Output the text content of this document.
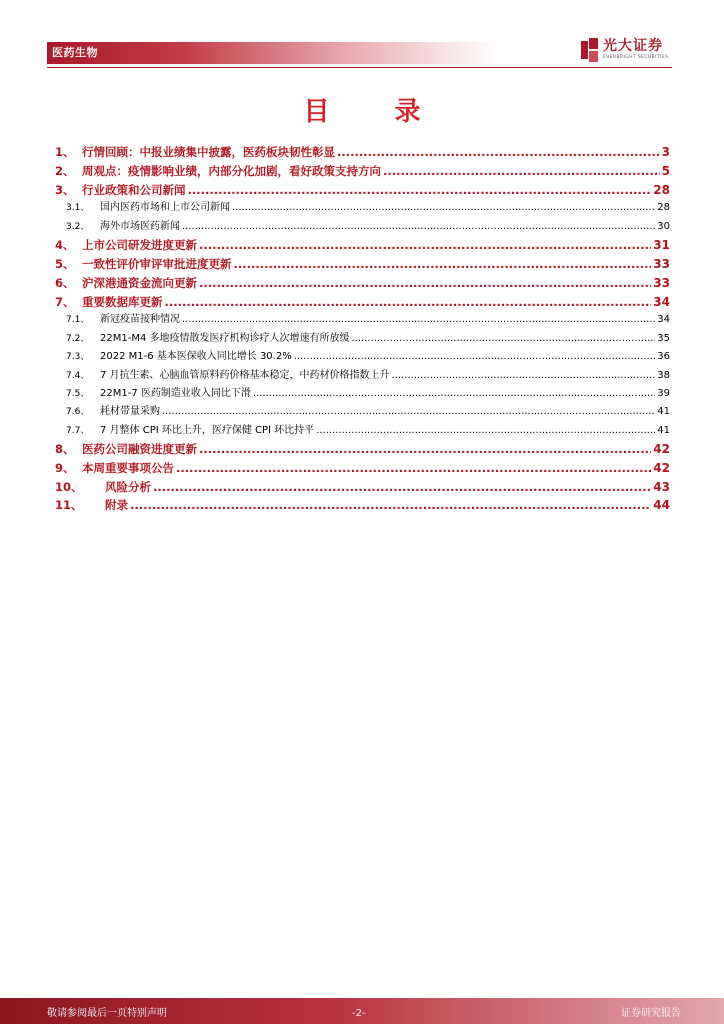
医药生物	光大证券
EVERBRIGHT SECURITIES
目 录
1、 行情回顾：中报业绩集中披露，医药板块韧性彰显 .....	3
2、 周观点：疫情影响业绩，内部分化加剧，看好政策支持方向 .....	5
3、 行业政策和公司新闻 .....	28
3.1、	国内医药市场和上市公司新闻 .....	28
3.2、	海外市场医药新闻 .....	30
4、 上市公司研发进度更新 .....	31
5、 一致性评价审评审批进度更新 .....	33
6、 沪深港通资金流向更新 .....	33
7、 重要数据库更新 .....	34
7.1、	新冠疫苗接种情况 .....	34
7.2、	22M1-M4 多地疫情散发医疗机构诊疗人次增速有所放缓 .....	35
7.3、	2022 M1-6 基本医保收入同比增长 30.2% .....	36
7.4、	7 月抗生素、心脑血管原料药价格基本稳定，中药材价格指数上升 .....	38
7.5、	22M1-7 医药制造业收入同比下滑 .....	39
7.6、	耗材带量采购 .....	41
7.7、	7 月整体 CPI 环比上升，医疗保健 CPI 环比持平 .....	41
8、 医药公司融资进度更新 .....	42
9、 本周重要事项公告 .....	42
10、	风险分析 .....	43
11、	附录 .....	44
敬请参阅最后一页特别声明	-2-	证券研究报告
